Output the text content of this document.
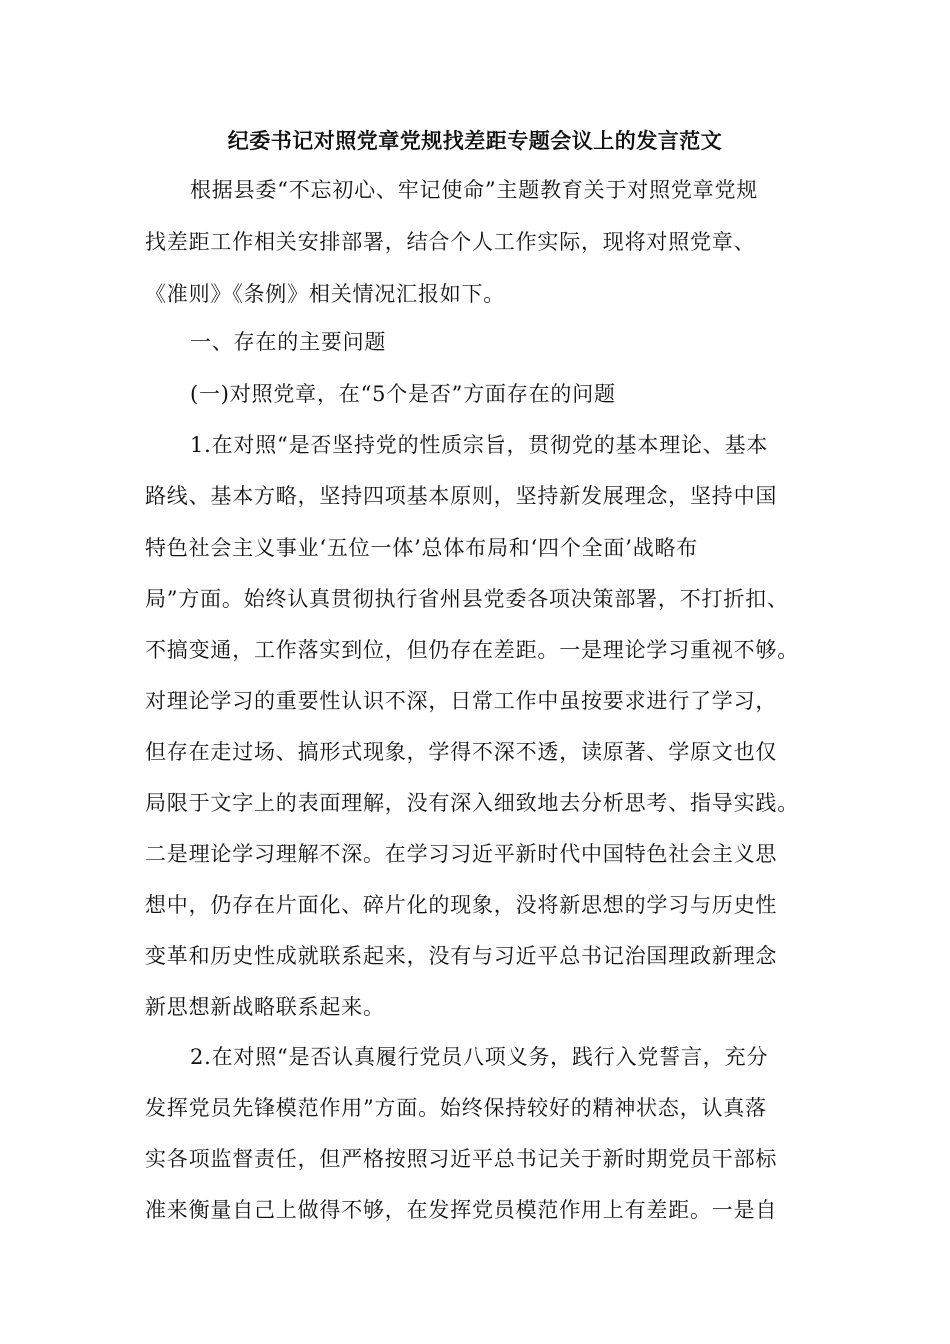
纪委书记对照党章党规找差距专题会议上的发言范文
根据县委“不忘初心、牢记使命”主题教育关于对照党章党规
找差距工作相关安排部署，结合个人工作实际，现将对照党章、
《准则》《条例》相关情况汇报如下。
一、存在的主要问题
(一)对照党章，在“5个是否”方面存在的问题
1.在对照“是否坚持党的性质宗旨，贯彻党的基本理论、基本
路线、基本方略，坚持四项基本原则，坚持新发展理念，坚持中国
特色社会主义事业‘五位一体’总体布局和‘四个全面’战略布
局”方面。始终认真贯彻执行省州县党委各项决策部署，不打折扣、
不搞变通，工作落实到位，但仍存在差距。一是理论学习重视不够。
对理论学习的重要性认识不深，日常工作中虽按要求进行了学习，
但存在走过场、搞形式现象，学得不深不透，读原著、学原文也仅
局限于文字上的表面理解，没有深入细致地去分析思考、指导实践。
二是理论学习理解不深。在学习习近平新时代中国特色社会主义思
想中，仍存在片面化、碎片化的现象，没将新思想的学习与历史性
变革和历史性成就联系起来，没有与习近平总书记治国理政新理念
新思想新战略联系起来。
2.在对照“是否认真履行党员八项义务，践行入党誓言，充分
发挥党员先锋模范作用”方面。始终保持较好的精神状态，认真落
实各项监督责任，但严格按照习近平总书记关于新时期党员干部标
准来衡量自己上做得不够，在发挥党员模范作用上有差距。一是自
